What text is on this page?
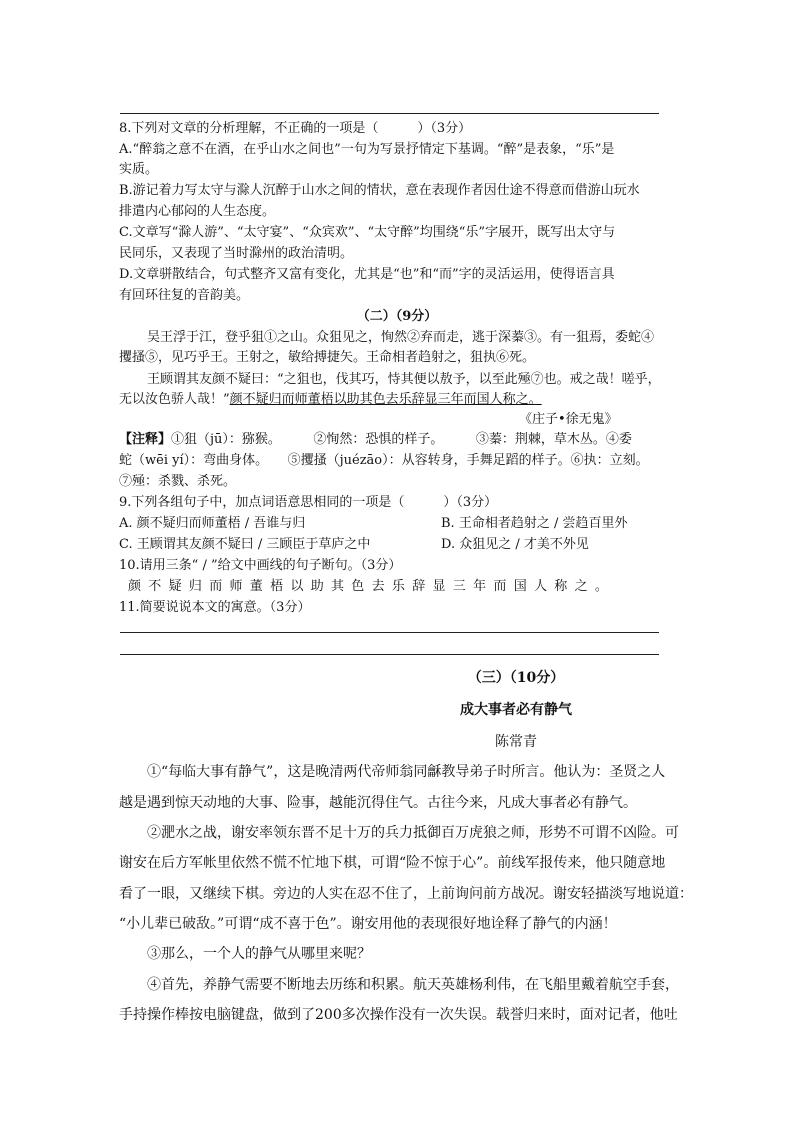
8.下列对文章的分析理解，不正确的一项是（　　　）（3分）
A.“醉翁之意不在酒，在乎山水之间也”一句为写景抒情定下基调。“醉”是表象，“乐”是
实质。
B.游记着力写太守与滁人沉醉于山水之间的情状，意在表现作者因仕途不得意而借游山玩水
排遣内心郁闷的人生态度。
C.文章写“滁人游”、“太守宴”、“众宾欢”、“太守醉”均围绕“乐”字展开，既写出太守与
民同乐，又表现了当时滁州的政治清明。
D.文章骈散结合，句式整齐又富有变化，尤其是“也”和“而”字的灵活运用，使得语言具
有回环往复的音韵美。
（二）（9分）
吴王浮于江，登乎狙①之山。众狙见之，恂然②弃而走，逃于深蓁③。有一狙焉，委蛇④
攫搔⑤，见巧乎王。王射之，敏给搏捷矢。王命相者趋射之，狙执⑥死。
王顾谓其友颜不疑曰：“之狙也，伐其巧，恃其便以敖予，以至此殛⑦也。戒之哉！嗟乎，
无以汝色骄人哉！”颜不疑归而师董梧以助其色去乐辞显三年而国人称之。
《庄子•徐无鬼》
【注释】①狙（jū）：猕猴。　　　②恂然：恐惧的样子。　　　③蓁：荆棘，草木丛。④委
蛇（wēi yí）：弯曲身体。　　⑤攫搔（juézāo）：从容转身，手舞足蹈的样子。⑥执：立刻。
⑦殛：杀戮、杀死。
9.下列各组句子中，加点词语意思相同的一项是（　　　）（3分）
A. 颜不疑归而师董梧 / 吾谁与归	B. 王命相者趋射之 / 尝趋百里外
C. 王顾谓其友颜不疑曰 / 三顾臣于草庐之中	D. 众狙见之 / 才美不外见
10.请用三条“ / ”给文中画线的句子断句。（3分）
颜不疑归而师董梧以助其色去乐辞显三年而国人称之。
11.简要说说本文的寓意。（3分）
（三）（10分）
成大事者必有静气
陈常青
①“每临大事有静气”，这是晚清两代帝师翁同龢教导弟子时所言。他认为：圣贤之人
越是遇到惊天动地的大事、险事，越能沉得住气。古往今来，凡成大事者必有静气。
②淝水之战，谢安率领东晋不足十万的兵力抵御百万虎狼之师，形势不可谓不凶险。可
谢安在后方军帐里依然不慌不忙地下棋，可谓“险不惊于心”。前线军报传来，他只随意地
看了一眼，又继续下棋。旁边的人实在忍不住了，上前询问前方战况。谢安轻描淡写地说道：
“小儿辈已破敌。”可谓“成不喜于色”。谢安用他的表现很好地诠释了静气的内涵！
③那么，一个人的静气从哪里来呢？
④首先，养静气需要不断地去历练和积累。航天英雄杨利伟，在飞船里戴着航空手套，
手持操作棒按电脑键盘，做到了200多次操作没有一次失误。载誉归来时，面对记者，他吐
